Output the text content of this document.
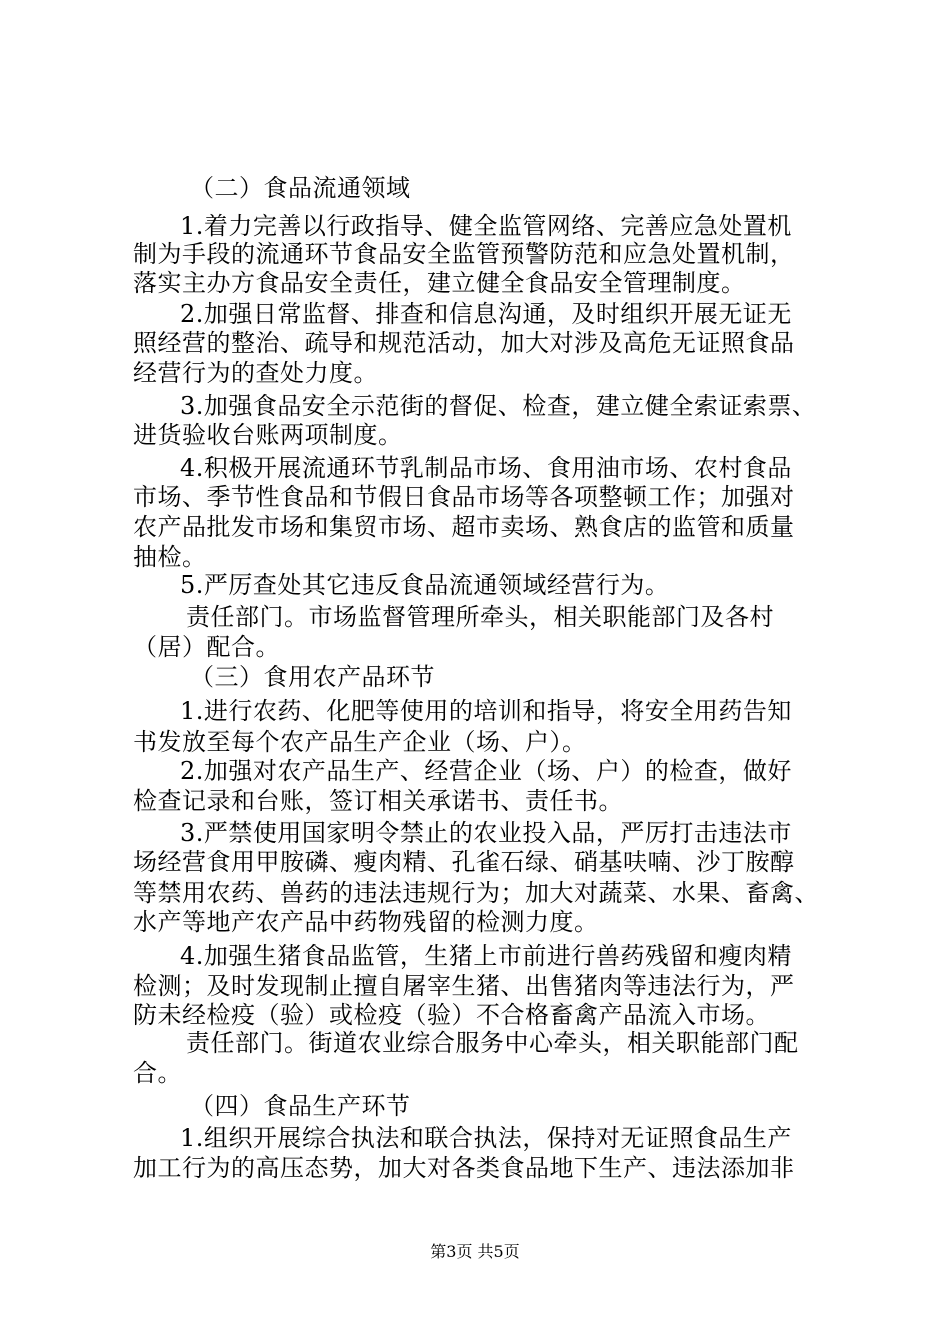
（二）食品流通领域
1.着力完善以行政指导、健全监管网络、完善应急处置机
制为手段的流通环节食品安全监管预警防范和应急处置机制，
落实主办方食品安全责任，建立健全食品安全管理制度。
2.加强日常监督、排查和信息沟通，及时组织开展无证无
照经营的整治、疏导和规范活动，加大对涉及高危无证照食品
经营行为的查处力度。
3.加强食品安全示范街的督促、检查，建立健全索证索票、
进货验收台账两项制度。
4.积极开展流通环节乳制品市场、食用油市场、农村食品
市场、季节性食品和节假日食品市场等各项整顿工作；加强对
农产品批发市场和集贸市场、超市卖场、熟食店的监管和质量
抽检。
5.严厉查处其它违反食品流通领域经营行为。
责任部门。市场监督管理所牵头，相关职能部门及各村
（居）配合。
（三）食用农产品环节
1.进行农药、化肥等使用的培训和指导，将安全用药告知
书发放至每个农产品生产企业（场、户）。
2.加强对农产品生产、经营企业（场、户）的检查，做好
检查记录和台账，签订相关承诺书、责任书。
3.严禁使用国家明令禁止的农业投入品，严厉打击违法市
场经营食用甲胺磷、瘦肉精、孔雀石绿、硝基呋喃、沙丁胺醇
等禁用农药、兽药的违法违规行为；加大对蔬菜、水果、畜禽、
水产等地产农产品中药物残留的检测力度。
4.加强生猪食品监管，生猪上市前进行兽药残留和瘦肉精
检测；及时发现制止擅自屠宰生猪、出售猪肉等违法行为，严
防未经检疫（验）或检疫（验）不合格畜禽产品流入市场。
责任部门。街道农业综合服务中心牵头，相关职能部门配
合。
（四）食品生产环节
1.组织开展综合执法和联合执法，保持对无证照食品生产
加工行为的高压态势，加大对各类食品地下生产、违法添加非
第3页 共5页
